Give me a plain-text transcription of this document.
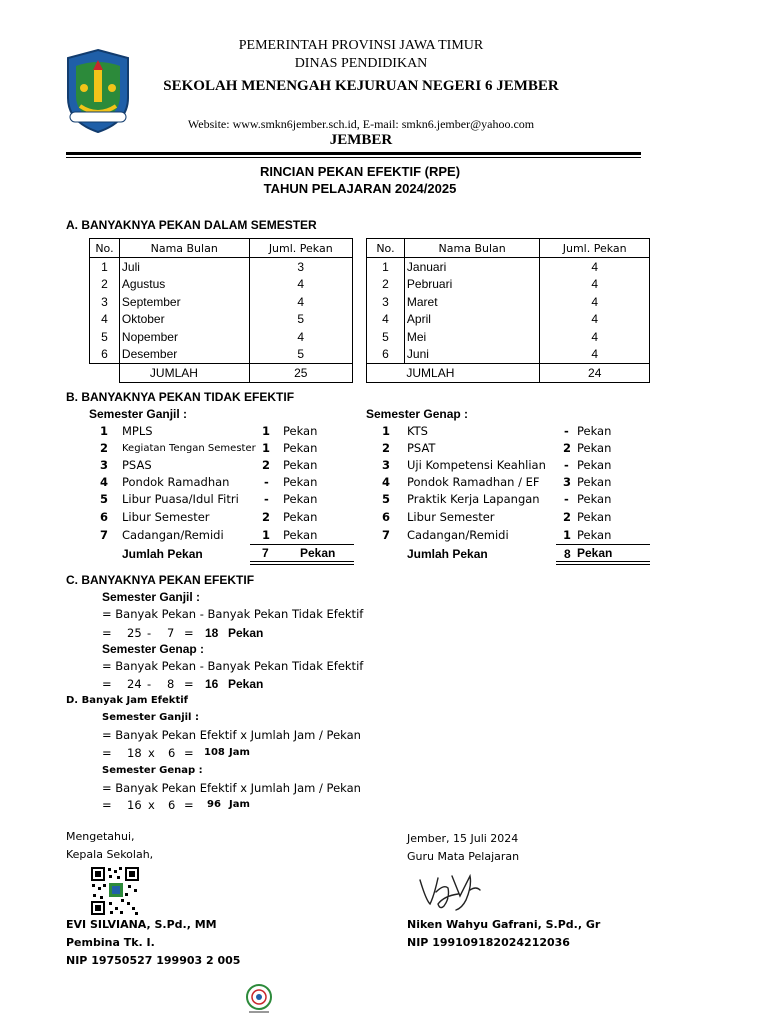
PEMERINTAH PROVINSI JAWA TIMUR
DINAS PENDIDIKAN
SEKOLAH MENENGAH KEJURUAN NEGERI 6 JEMBER
Website: www.smkn6jember.sch.id, E-mail: smkn6.jember@yahoo.com
JEMBER
RINCIAN PEKAN EFEKTIF (RPE)
TAHUN PELAJARAN 2024/2025
A. BANYAKNYA PEKAN DALAM SEMESTER
No.	Nama Bulan	Juml. Pekan
1	Juli	3
2	Agustus	4
3	September	4
4	Oktober	5
5	Nopember	4
6	Desember	5
	JUMLAH	25
No.	Nama Bulan	Juml. Pekan
1	Januari	4
2	Pebruari	4
3	Maret	4
4	April	4
5	Mei	4
6	Juni	4
	JUMLAH	24
B. BANYAKNYA PEKAN TIDAK EFEKTIF
Semester Ganjil :	Semester Genap :
1 MPLS	1 Pekan
2 Kegiatan Tengan Semester 1 Pekan
3 PSAS	2 Pekan
4 Pondok Ramadhan	- Pekan
5 Libur Puasa/Idul Fitri - Pekan
6 Libur Semester	2 Pekan
7 Cadangan/Remidi	1 Pekan
Jumlah Pekan	7	Pekan
1 KTS	- Pekan
2 PSAT	2 Pekan
3 Uji Kompetensi Keahlian - Pekan
4 Pondok Ramadhan / EF 3 Pekan
5 Praktik Kerja Lapangan - Pekan
6 Libur Semester	2 Pekan
7 Cadangan/Remidi	1 Pekan
Jumlah Pekan	8 Pekan
C. BANYAKNYA PEKAN EFEKTIF
Semester Ganjil :
= Banyak Pekan - Banyak Pekan Tidak Efektif
= 25 - 7 = 18 Pekan
Semester Genap :
= Banyak Pekan - Banyak Pekan Tidak Efektif
= 24 - 8 = 16 Pekan
D. Banyak Jam Efektif
Semester Ganjil :
= Banyak Pekan Efektif x Jumlah Jam / Pekan
= 18 x 6 = 108 Jam
Semester Genap :
= Banyak Pekan Efektif x Jumlah Jam / Pekan
= 16 x 6 = 96 Jam
Mengetahui,
Kepala Sekolah,
EVI SILVIANA, S.Pd., MM
Pembina Tk. I.
NIP 19750527 199903 2 005
Jember, 15 Juli 2024
Guru Mata Pelajaran
Niken Wahyu Gafrani, S.Pd., Gr
NIP 199109182024212036
